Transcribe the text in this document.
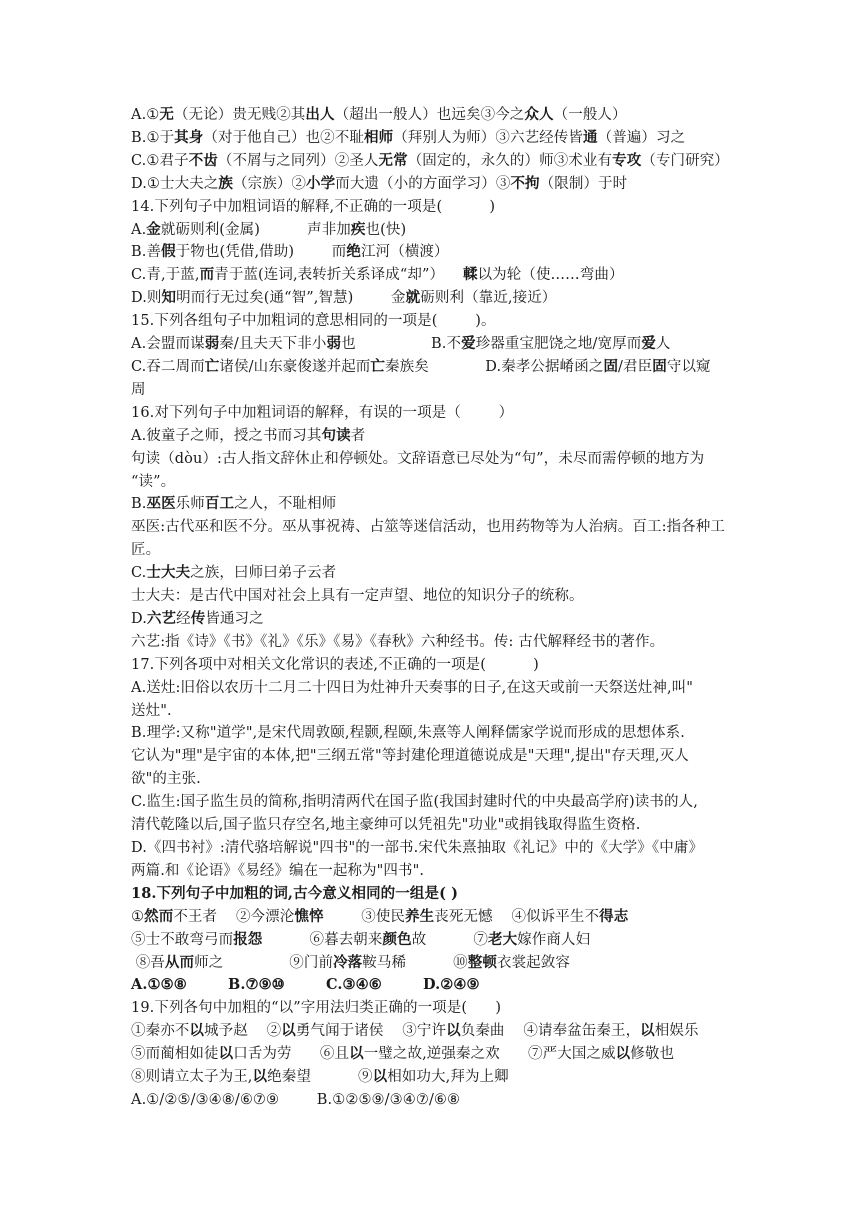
A.①无（无论）贵无贱②其出人（超出一般人）也远矣③今之众人（一般人）
B.①于其身（对于他自己）也②不耻相师（拜别人为师）③六艺经传皆通（普遍）习之
C.①君子不齿（不屑与之同列）②圣人无常（固定的，永久的）师③术业有专攻（专门研究）
D.①士大夫之族（宗族）②小学而大遗（小的方面学习）③不拘（限制）于时
14.下列句子中加粗词语的解释,不正确的一项是(          )
A.金就砺则利(金属)          声非加疾也(快)
B.善假于物也(凭借,借助)        而绝江河（横渡）
C.青,于蓝,而青于蓝(连词,表转折关系译成“却”）    輮以为轮（使……弯曲）
D.则知明而行无过矣(通“智”,智慧)        金就砺则利（靠近,接近）
15.下列各组句子中加粗词的意思相同的一项是(        )。
A.会盟而谋弱秦/且夫天下非小弱也                B.不爱珍器重宝肥饶之地/宽厚而爱人
C.吞二周而亡诸侯/山东豪俊遂并起而亡秦族矣            D.秦孝公据崤函之固/君臣固守以窥
周
16.对下列句子中加粗词语的解释，有误的一项是（        ）
A.彼童子之师，授之书而习其句读者
句读（dòu）:古人指文辞休止和停顿处。文辞语意已尽处为“句”，未尽而需停顿的地方为
“读”。
B.巫医乐师百工之人，不耻相师
巫医:古代巫和医不分。巫从事祝祷、占筮等迷信活动，也用药物等为人治病。百工:指各种工
匠。
C.士大夫之族，曰师曰弟子云者
士大夫：是古代中国对社会上具有一定声望、地位的知识分子的统称。
D.六艺经传皆通习之
六艺:指《诗》《书》《礼》《乐》《易》《春秋》六种经书。传: 古代解释经书的著作。
17.下列各项中对相关文化常识的表述,不正确的一项是(          )
A.送灶:旧俗以农历十二月二十四日为灶神升天奏事的日子,在这天或前一天祭送灶神,叫"
送灶".
B.理学:又称"道学",是宋代周敦颐,程颢,程颐,朱熹等人阐释儒家学说而形成的思想体系.
它认为"理"是宇宙的本体,把"三纲五常"等封建伦理道德说成是"天理",提出"存天理,灭人
欲"的主张.
C.监生:国子监生员的简称,指明清两代在国子监(我国封建时代的中央最高学府)读书的人,
清代乾隆以后,国子监只存空名,地主豪绅可以凭祖先"功业"或捐钱取得监生资格.
D.《四书衬》:清代骆培解说"四书"的一部书.宋代朱熹抽取《礼记》中的《大学》《中庸》
两篇.和《论语》《易经》编在一起称为"四书".
18.下列句子中加粗的词,古今意义相同的一组是( )
①然而不王者    ②今漂沦憔悴        ③使民养生丧死无憾    ④似诉平生不得志
⑤士不敢弯弓而报怨          ⑥暮去朝来颜色故          ⑦老大嫁作商人妇
⑧吾从而师之              ⑨门前冷落鞍马稀          ⑩整顿衣裳起敛容
A.①⑤⑧        B.⑦⑨⑩        C.③④⑥        D.②④⑨
19.下列各句中加粗的“以”字用法归类正确的一项是(      )
①秦亦不以城予赵    ②以勇气闻于诸侯    ③宁许以负秦曲    ④请奉盆缶秦王，以相娱乐
⑤而蔺相如徒以口舌为劳      ⑥且以一璧之故,逆强秦之欢      ⑦严大国之威以修敬也
⑧则请立太子为王,以绝秦望          ⑨以相如功大,拜为上卿
A.①/②⑤/③④⑧/⑥⑦⑨        B.①②⑤⑨/③④⑦/⑥⑧
